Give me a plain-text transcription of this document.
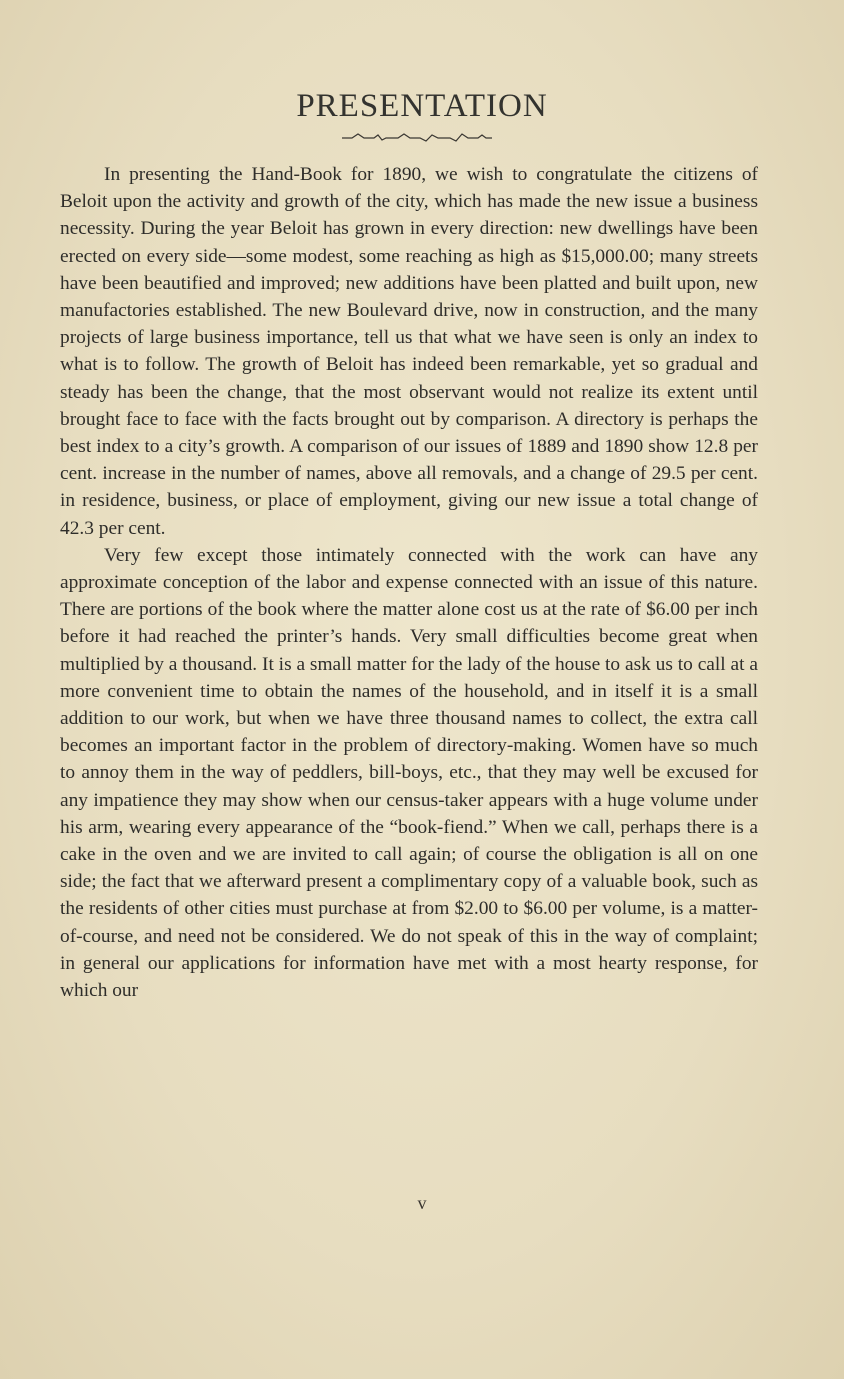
PRESENTATION

In presenting the Hand-Book for 1890, we wish to congratulate the citizens of Beloit upon the activity and growth of the city, which has made the new issue a business necessity. During the year Beloit has grown in every direction: new dwellings have been erected on every side—some modest, some reaching as high as $15,000.00; many streets have been beautified and improved; new additions have been platted and built upon, new manufactories established. The new Boulevard drive, now in construction, and the many projects of large business importance, tell us that what we have seen is only an index to what is to follow. The growth of Beloit has indeed been remarkable, yet so gradual and steady has been the change, that the most observant would not realize its extent until brought face to face with the facts brought out by comparison. A directory is perhaps the best index to a city’s growth. A comparison of our issues of 1889 and 1890 show 12.8 per cent. increase in the number of names, above all removals, and a change of 29.5 per cent. in residence, business, or place of employment, giving our new issue a total change of 42.3 per cent.

Very few except those intimately connected with the work can have any approximate conception of the labor and expense connected with an issue of this nature. There are portions of the book where the matter alone cost us at the rate of $6.00 per inch before it had reached the printer’s hands. Very small difficulties become great when multiplied by a thousand. It is a small matter for the lady of the house to ask us to call at a more convenient time to obtain the names of the household, and in itself it is a small addition to our work, but when we have three thousand names to collect, the extra call becomes an important factor in the problem of directory-making. Women have so much to annoy them in the way of peddlers, bill-boys, etc., that they may well be excused for any impatience they may show when our census-taker appears with a huge volume under his arm, wearing every appearance of the “book-fiend.” When we call, perhaps there is a cake in the oven and we are invited to call again; of course the obligation is all on one side; the fact that we afterward present a complimentary copy of a valuable book, such as the residents of other cities must purchase at from $2.00 to $6.00 per volume, is a matter-of-course, and need not be considered. We do not speak of this in the way of complaint; in general our applications for information have met with a most hearty response, for which our

v
